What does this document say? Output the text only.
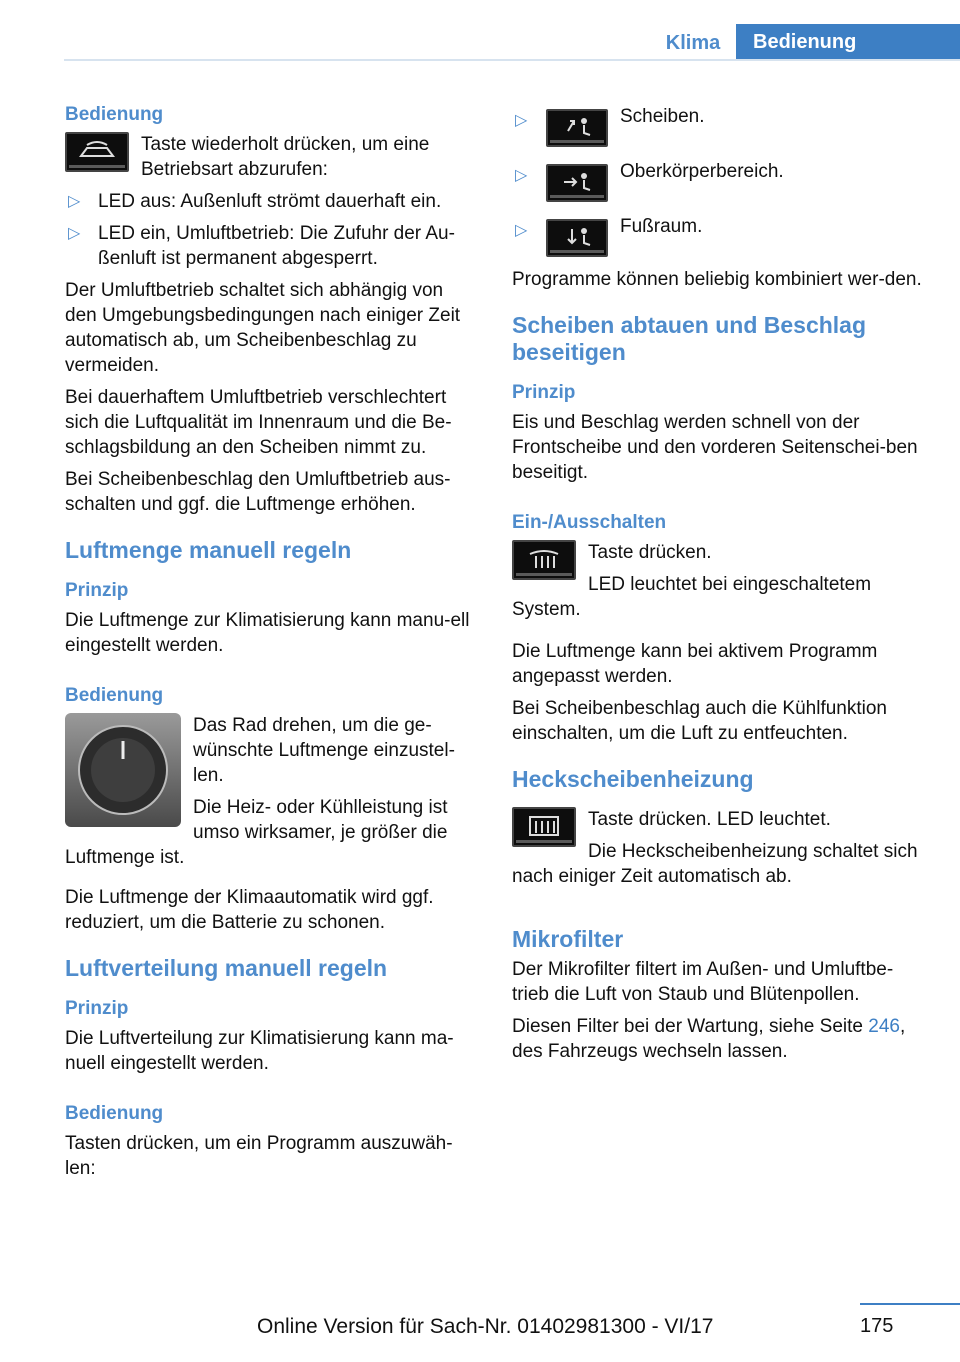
Klima	Bedienung
Bedienung

Taste wiederholt drücken, um eine Betriebsart abzurufen:

▷ LED aus: Außenluft strömt dauerhaft ein.
▷ LED ein, Umluftbetrieb: Die Zufuhr der Au-ßenluft ist permanent abgesperrt.

Der Umluftbetrieb schaltet sich abhängig von den Umgebungsbedingungen nach einiger Zeit automatisch ab, um Scheibenbeschlag zu vermeiden.

Bei dauerhaftem Umluftbetrieb verschlechtert sich die Luftqualität im Innenraum und die Be-schlagsbildung an den Scheiben nimmt zu.

Bei Scheibenbeschlag den Umluftbetrieb aus-schalten und ggf. die Luftmenge erhöhen.

Luftmenge manuell regeln
Prinzip

Die Luftmenge zur Klimatisierung kann manu-ell eingestellt werden.

Bedienung

Das Rad drehen, um die ge-wünschte Luftmenge einzustel-len.

Die Heiz- oder Kühlleistung ist umso wirksamer, je größer die Luftmenge ist.

Die Luftmenge der Klimaautomatik wird ggf. reduziert, um die Batterie zu schonen.

Luftverteilung manuell regeln
Prinzip

Die Luftverteilung zur Klimatisierung kann ma-nuell eingestellt werden.

Bedienung

Tasten drücken, um ein Programm auszuwäh-len:

▷	Scheiben.
▷	Oberkörperbereich.
▷	Fußraum.

Programme können beliebig kombiniert wer-den.

Scheiben abtauen und Beschlag beseitigen
Prinzip

Eis und Beschlag werden schnell von der Frontscheibe und den vorderen Seitenschei-ben beseitigt.

Ein-/Ausschalten

Taste drücken.

LED leuchtet bei eingeschaltetem System.

Die Luftmenge kann bei aktivem Programm angepasst werden.

Bei Scheibenbeschlag auch die Kühlfunktion einschalten, um die Luft zu entfeuchten.

Heckscheibenheizung

Taste drücken. LED leuchtet.

Die Heckscheibenheizung schaltet sich nach einiger Zeit automatisch ab.

Mikrofilter

Der Mikrofilter filtert im Außen- und Umluftbe-trieb die Luft von Staub und Blütenpollen.

Diesen Filter bei der Wartung, siehe Seite 246, des Fahrzeugs wechseln lassen.

175
Online Version für Sach-Nr. 01402981300 - VI/17
